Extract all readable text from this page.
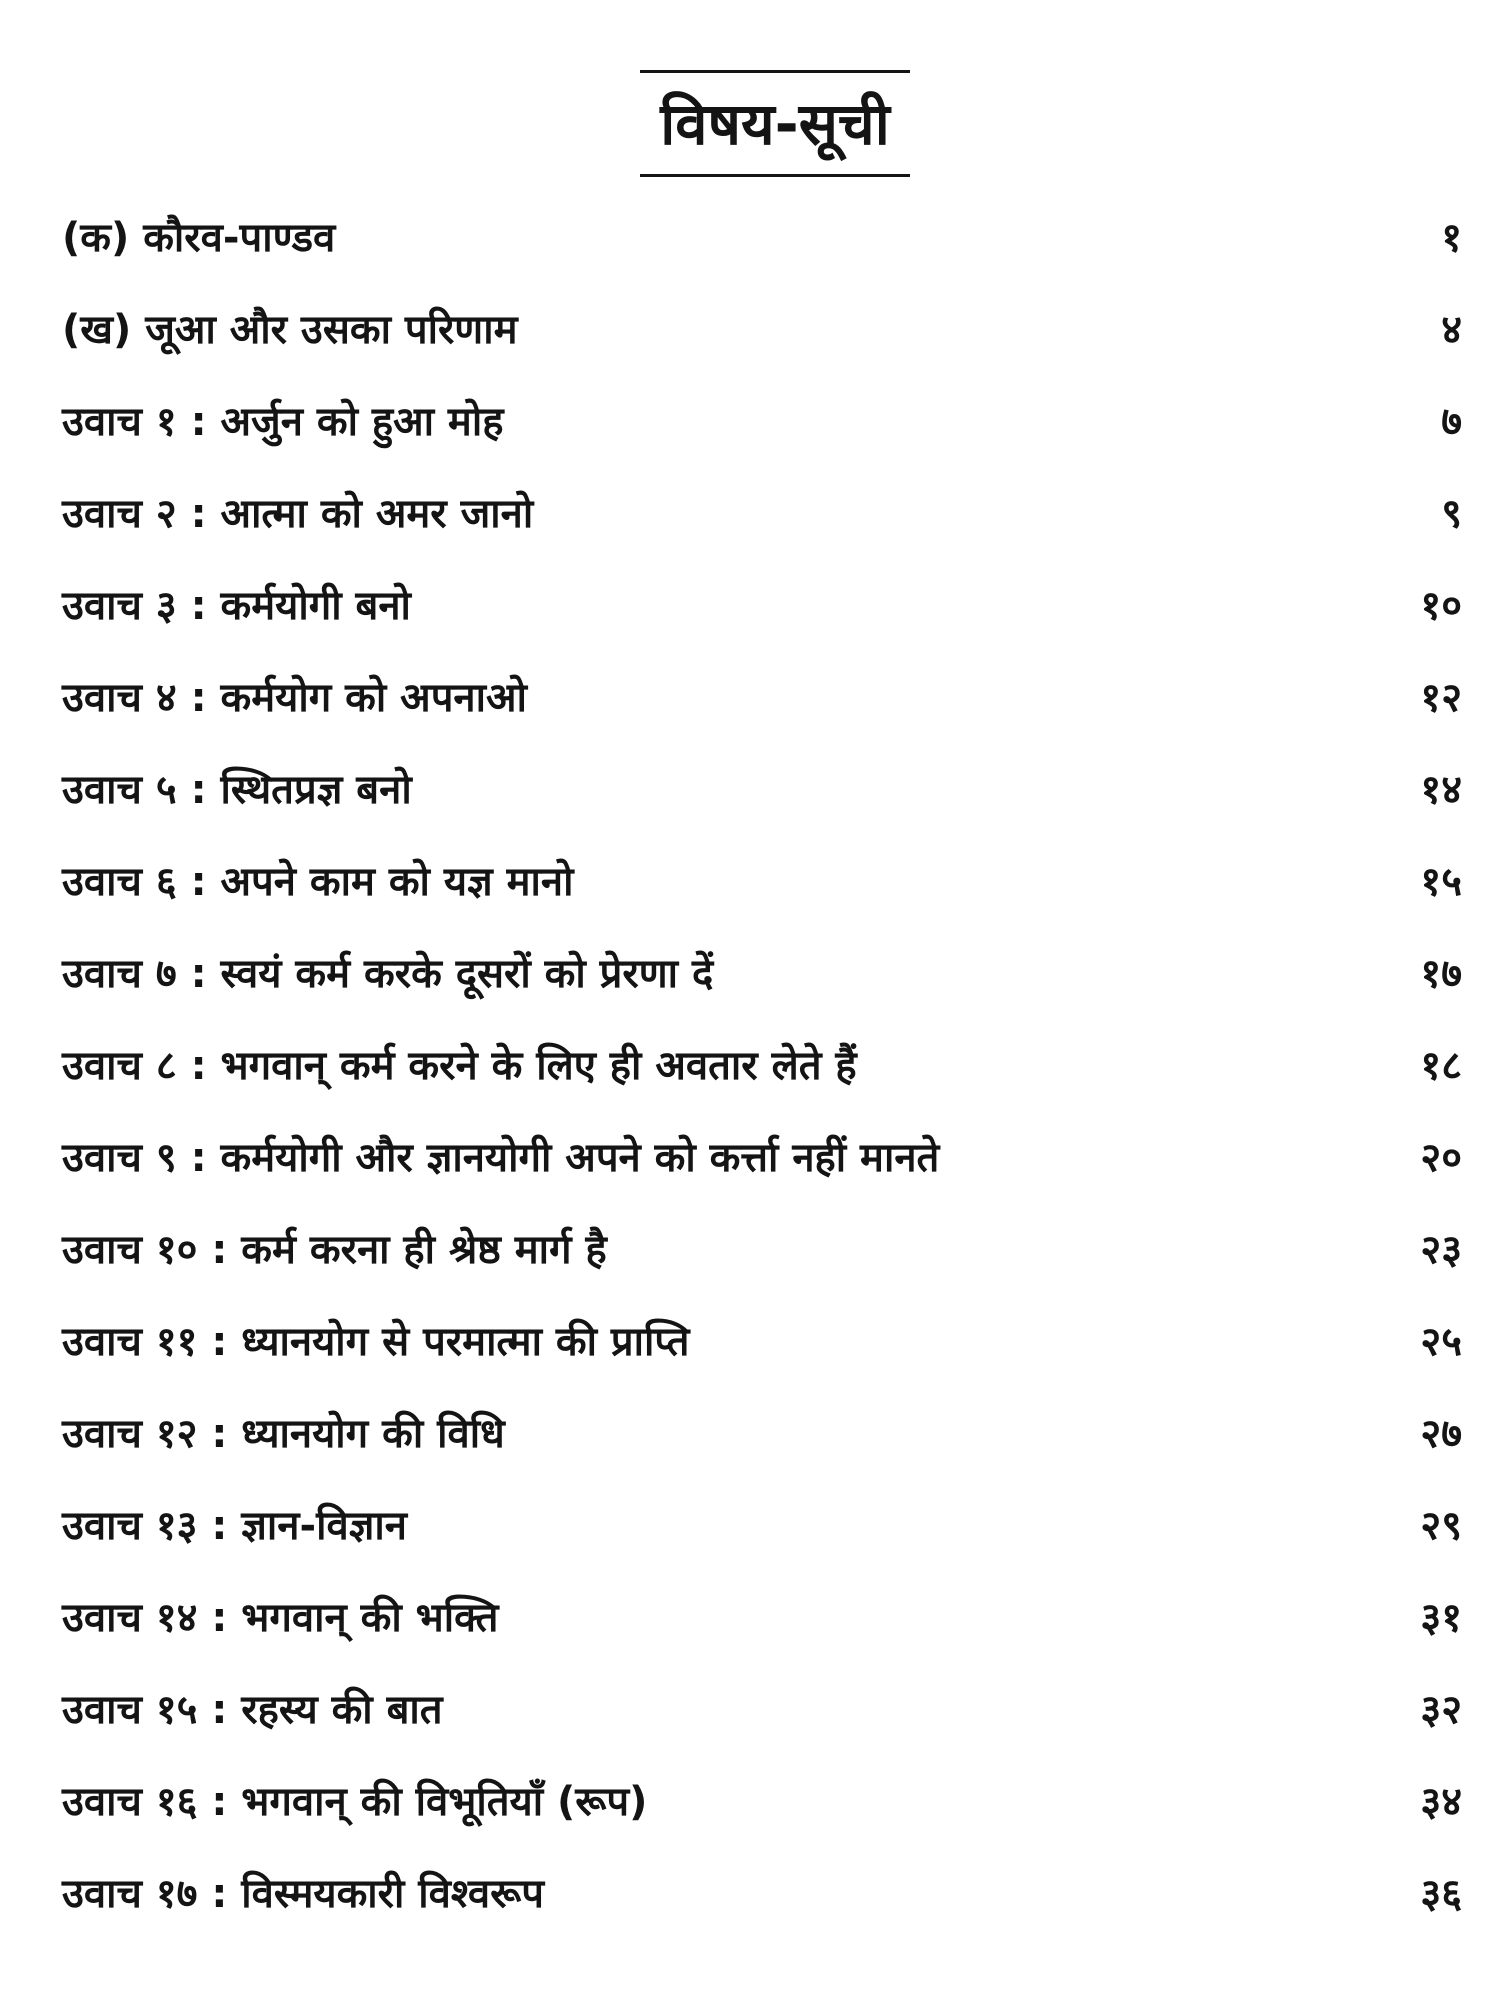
विषय-सूची
(क) कौरव-पाण्डव	१
(ख) जूआ और उसका परिणाम	४
उवाच १ : अर्जुन को हुआ मोह	७
उवाच २ : आत्मा को अमर जानो	९
उवाच ३ : कर्मयोगी बनो	१०
उवाच ४ : कर्मयोग को अपनाओ	१२
उवाच ५ : स्थितप्रज्ञ बनो	१४
उवाच ६ : अपने काम को यज्ञ मानो	१५
उवाच ७ : स्वयं कर्म करके दूसरों को प्रेरणा दें	१७
उवाच ८ : भगवान् कर्म करने के लिए ही अवतार लेते हैं	१८
उवाच ९ : कर्मयोगी और ज्ञानयोगी अपने को कर्त्ता नहीं मानते	२०
उवाच १० : कर्म करना ही श्रेष्ठ मार्ग है	२३
उवाच ११ : ध्यानयोग से परमात्मा की प्राप्ति	२५
उवाच १२ : ध्यानयोग की विधि	२७
उवाच १३ : ज्ञान-विज्ञान	२९
उवाच १४ : भगवान् की भक्ति	३१
उवाच १५ : रहस्य की बात	३२
उवाच १६ : भगवान् की विभूतियाँ (रूप)	३४
उवाच १७ : विस्मयकारी विश्वरूप	३६
